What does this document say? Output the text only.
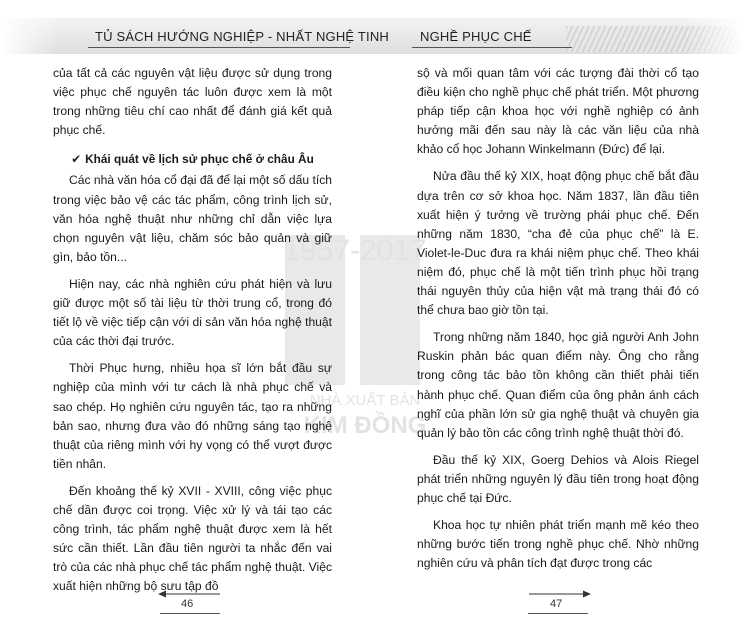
TỦ SÁCH HƯỚNG NGHIỆP - NHẤT NGHỆ TINH NGHỀ PHỤC CHẾ
1957-2017
NHÀ XUẤT BẢN
KIM ĐỒNG

của tất cả các nguyên vật liệu được sử dụng trong việc phục chế nguyên tác luôn được xem là một trong những tiêu chí cao nhất để đánh giá kết quả phục chế.

✔ Khái quát về lịch sử phục chế ở châu Âu

Các nhà văn hóa cổ đại đã để lại một số dấu tích trong việc bảo vệ các tác phẩm, công trình lịch sử, văn hóa nghệ thuật như những chỉ dẫn việc lựa chọn nguyên vật liệu, chăm sóc bảo quản và giữ gìn, bảo tồn...

Hiện nay, các nhà nghiên cứu phát hiện và lưu giữ được một số tài liệu từ thời trung cổ, trong đó tiết lộ về việc tiếp cận với di sản văn hóa nghệ thuật của các thời đại trước.

Thời Phục hưng, nhiều họa sĩ lớn bắt đầu sự nghiệp của mình với tư cách là nhà phục chế và sao chép. Họ nghiên cứu nguyên tác, tạo ra những bản sao, nhưng đưa vào đó những sáng tạo nghệ thuật của riêng mình với hy vọng có thể vượt được tiền nhân.

Đến khoảng thế kỷ XVII - XVIII, công việc phục chế dần được coi trọng. Việc xử lý và tái tạo các công trình, tác phẩm nghệ thuật được xem là hết sức cần thiết. Lần đầu tiên người ta nhắc đến vai trò của các nhà phục chế tác phẩm nghệ thuật. Việc xuất hiện những bộ sưu tập đồ

sộ và mối quan tâm với các tượng đài thời cổ tạo điều kiện cho nghề phục chế phát triển. Một phương pháp tiếp cận khoa học với nghề nghiệp có ảnh hưởng mãi đến sau này là các văn liệu của nhà khảo cổ học Johann Winkelmann (Đức) để lại.

Nửa đầu thế kỷ XIX, hoạt động phục chế bắt đầu dựa trên cơ sở khoa học. Năm 1837, lần đầu tiên xuất hiện ý tưởng về trường phái phục chế. Đến những năm 1830, “cha đẻ của phục chế” là E. Violet-le-Duc đưa ra khái niệm phục chế. Theo khái niệm đó, phục chế là một tiến trình phục hồi trạng thái nguyên thủy của hiện vật mà trạng thái đó có thể chưa bao giờ tồn tại.

Trong những năm 1840, học giả người Anh John Ruskin phản bác quan điểm này. Ông cho rằng trong công tác bảo tồn không cần thiết phải tiến hành phục chế. Quan điểm của ông phản ánh cách nghĩ của phần lớn sử gia nghệ thuật và chuyên gia quản lý bảo tồn các công trình nghệ thuật thời đó.

Đầu thế kỷ XIX, Goerg Dehios và Alois Riegel phát triển những nguyên lý đầu tiên trong hoạt động phục chế tại Đức.

Khoa học tự nhiên phát triển mạnh mẽ kéo theo những bước tiến trong nghề phục chế. Nhờ những nghiên cứu và phân tích đạt được trong các

46	47
